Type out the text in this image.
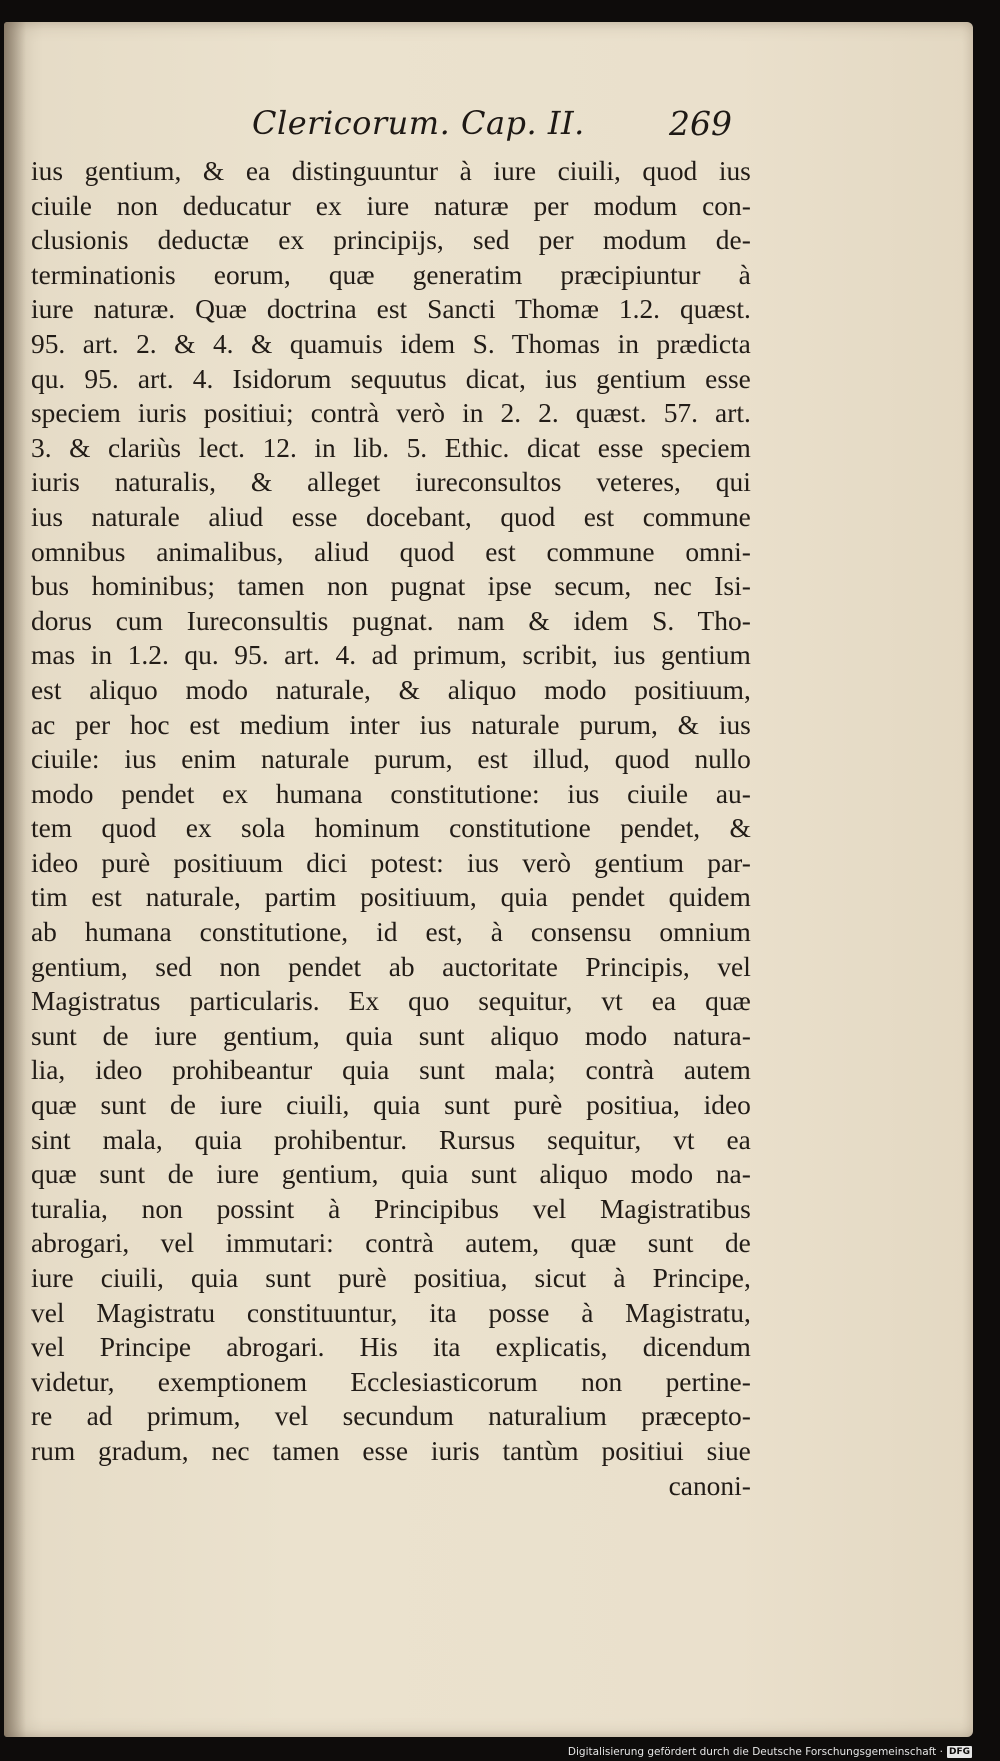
Clericorum. Cap. II.	269
ius gentium, & ea distinguuntur à iure ciuili, quod ius
ciuile non deducatur ex iure naturæ per modum con-
clusionis deductæ ex principijs, sed per modum de-
terminationis eorum, quæ generatim præcipiuntur à
iure naturæ. Quæ doctrina est Sancti Thomæ 1.2. quæst.
95. art. 2. & 4. & quamuis idem S. Thomas in prædicta
qu. 95. art. 4. Isidorum sequutus dicat, ius gentium esse
speciem iuris positiui; contrà verò in 2. 2. quæst. 57. art.
3. & clariùs lect. 12. in lib. 5. Ethic. dicat esse speciem
iuris naturalis, & alleget iureconsultos veteres, qui
ius naturale aliud esse docebant, quod est commune
omnibus animalibus, aliud quod est commune omni-
bus hominibus; tamen non pugnat ipse secum, nec Isi-
dorus cum Iureconsultis pugnat. nam & idem S. Tho-
mas in 1.2. qu. 95. art. 4. ad primum, scribit, ius gentium
est aliquo modo naturale, & aliquo modo positiuum,
ac per hoc est medium inter ius naturale purum, & ius
ciuile: ius enim naturale purum, est illud, quod nullo
modo pendet ex humana constitutione: ius ciuile au-
tem quod ex sola hominum constitutione pendet, &
ideo purè positiuum dici potest: ius verò gentium par-
tim est naturale, partim positiuum, quia pendet quidem
ab humana constitutione, id est, à consensu omnium
gentium, sed non pendet ab auctoritate Principis, vel
Magistratus particularis. Ex quo sequitur, vt ea quæ
sunt de iure gentium, quia sunt aliquo modo natura-
lia, ideo prohibeantur quia sunt mala; contrà autem
quæ sunt de iure ciuili, quia sunt purè positiua, ideo
sint mala, quia prohibentur. Rursus sequitur, vt ea
quæ sunt de iure gentium, quia sunt aliquo modo na-
turalia, non possint à Principibus vel Magistratibus
abrogari, vel immutari: contrà autem, quæ sunt de
iure ciuili, quia sunt purè positiua, sicut à Principe,
vel Magistratu constituuntur, ita posse à Magistratu,
vel Principe abrogari. His ita explicatis, dicendum
videtur, exemptionem Ecclesiasticorum non pertine-
re ad primum, vel secundum naturalium præcepto-
rum gradum, nec tamen esse iuris tantùm positiui siue
canoni-
Digitalisierung gefördert durch die Deutsche Forschungsgemeinschaft · DFG
